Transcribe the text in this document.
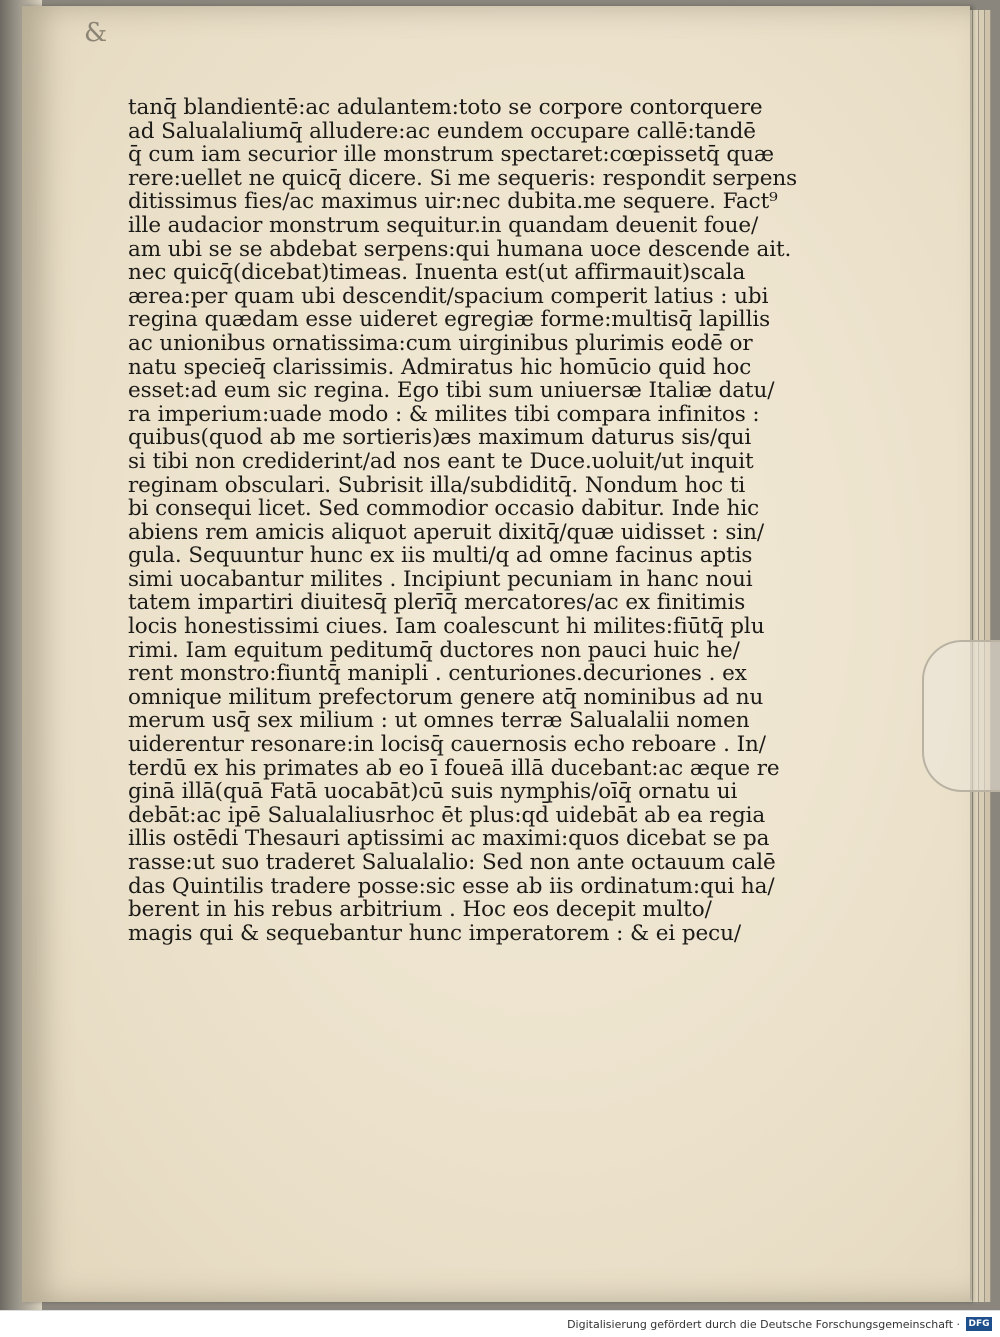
&
tanq̄ blandientē:ac adulantem:toto se corpore contorquere
ad Salualaliumq̄ alludere:ac eundem occupare callē:tandē
q̄ cum iam securior ille monstrum spectaret:cœpissetq̄ quæ
rere:uellet ne quicq̄ dicere. Si me sequeris: respondit serpens
ditissimus fies/ac maximus uir:nec dubita.me sequere. Fact⁹
ille audacior monstrum sequitur.in quandam deuenit foue/
am ubi se se abdebat serpens:qui humana uoce descende ait.
nec quicq̄(dicebat)timeas. Inuenta est(ut affirmauit)scala
ærea:per quam ubi descendit/spacium comperit latius : ubi
regina quædam esse uideret egregiæ forme:multisq̄ lapillis
ac unionibus ornatissima:cum uirginibus plurimis eodē or
natu specieq̄ clarissimis. Admiratus hic homūcio quid hoc
esset:ad eum sic regina. Ego tibi sum uniuersæ Italiæ datu/
ra imperium:uade modo : & milites tibi compara infinitos :
quibus(quod ab me sortieris)æs maximum daturus sis/qui
si tibi non crediderint/ad nos eant te Duce.uoluit/ut inquit
reginam obsculari. Subrisit illa/subdiditq̄. Nondum hoc ti
bi consequi licet. Sed commodior occasio dabitur. Inde hic
abiens rem amicis aliquot aperuit dixitq̄/quæ uidisset : sin/
gula. Sequuntur hunc ex iis multi/q ad omne facinus aptis
simi uocabantur milites . Incipiunt pecuniam in hanc noui
tatem impartiri diuitesq̄ plerīq̄ mercatores/ac ex finitimis
locis honestissimi ciues. Iam coalescunt hi milites:fiūtq̄ plu
rimi. Iam equitum peditumq̄ ductores non pauci huic he/
rent monstro:fiuntq̄ manipli . centuriones.decuriones . ex
omnique militum prefectorum genere atq̄ nominibus ad nu
merum usq̄ sex milium : ut omnes terræ Salualalii nomen
uiderentur resonare:in locisq̄ cauernosis echo reboare . In/
terdū ex his primates ab eo ī foueā illā ducebant:ac æque re
ginā illā(quā Fatā uocabāt)cū suis nymphis/oīq̄ ornatu ui
debāt:ac ipē Salualaliusrhoc ēt plus:qd̄ uidebāt ab ea regia
illis ostēdi Thesauri aptissimi ac maximi:quos dicebat se pa
rasse:ut suo traderet Salualalio: Sed non ante octauum calē
das Quintilis tradere posse:sic esse ab iis ordinatum:qui ha/
berent in his rebus arbitrium . Hoc eos decepit multo/
magis qui & sequebantur hunc imperatorem : & ei pecu/
Digitalisierung gefördert durch die Deutsche Forschungsgemeinschaft · DFG
